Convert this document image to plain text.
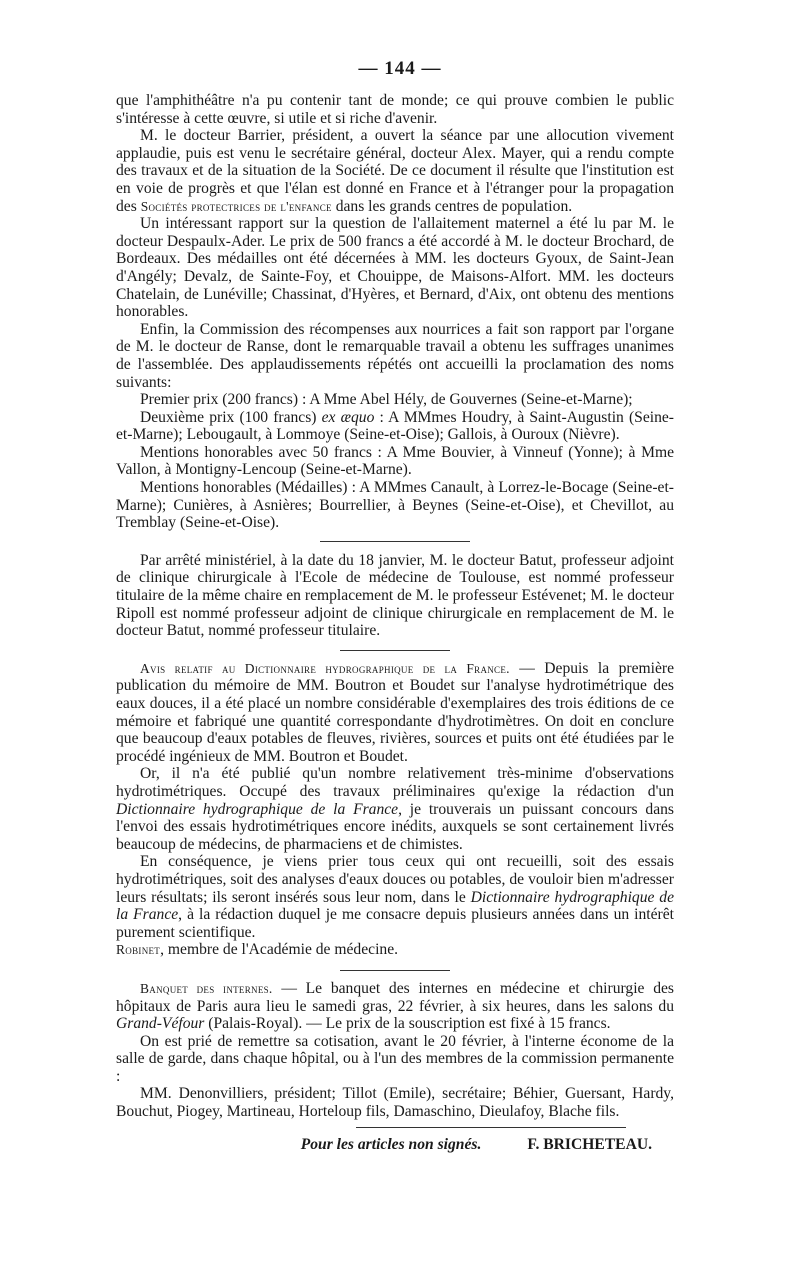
— 144 —

que l'amphithéâtre n'a pu contenir tant de monde; ce qui prouve combien le public s'intéresse à cette œuvre, si utile et si riche d'avenir.

M. le docteur Barrier, président, a ouvert la séance par une allocution vivement applaudie, puis est venu le secrétaire général, docteur Alex. Mayer, qui a rendu compte des travaux et de la situation de la Société. De ce document il résulte que l'institution est en voie de progrès et que l'élan est donné en France et à l'étranger pour la propagation des Sociétés protectrices de l'enfance dans les grands centres de population.

Un intéressant rapport sur la question de l'allaitement maternel a été lu par M. le docteur Despaulx-Ader. Le prix de 500 francs a été accordé à M. le docteur Brochard, de Bordeaux. Des médailles ont été décernées à MM. les docteurs Gyoux, de Saint-Jean d'Angély; Devalz, de Sainte-Foy, et Chouippe, de Maisons-Alfort. MM. les docteurs Chatelain, de Lunéville; Chassinat, d'Hyères, et Bernard, d'Aix, ont obtenu des mentions honorables.

Enfin, la Commission des récompenses aux nourrices a fait son rapport par l'organe de M. le docteur de Ranse, dont le remarquable travail a obtenu les suffrages unanimes de l'assemblée. Des applaudissements répétés ont accueilli la proclamation des noms suivants:

Premier prix (200 francs) : A Mme Abel Hély, de Gouvernes (Seine-et-Marne);

Deuxième prix (100 francs) ex æquo : A MMmes Houdry, à Saint-Augustin (Seine-et-Marne); Lebougault, à Lommoye (Seine-et-Oise); Gallois, à Ouroux (Nièvre).

Mentions honorables avec 50 francs : A Mme Bouvier, à Vinneuf (Yonne); à Mme Vallon, à Montigny-Lencoup (Seine-et-Marne).

Mentions honorables (Médailles) : A MMmes Canault, à Lorrez-le-Bocage (Seine-et-Marne); Cunières, à Asnières; Bourrellier, à Beynes (Seine-et-Oise), et Chevillot, au Tremblay (Seine-et-Oise).

Par arrêté ministériel, à la date du 18 janvier, M. le docteur Batut, professeur adjoint de clinique chirurgicale à l'Ecole de médecine de Toulouse, est nommé professeur titulaire de la même chaire en remplacement de M. le professeur Estévenet; M. le docteur Ripoll est nommé professeur adjoint de clinique chirurgicale en remplacement de M. le docteur Batut, nommé professeur titulaire.

Avis relatif au Dictionnaire hydrographique de la France. — Depuis la première publication du mémoire de MM. Boutron et Boudet sur l'analyse hydrotimétrique des eaux douces, il a été placé un nombre considérable d'exemplaires des trois éditions de ce mémoire et fabriqué une quantité correspondante d'hydrotimètres. On doit en conclure que beaucoup d'eaux potables de fleuves, rivières, sources et puits ont été étudiées par le procédé ingénieux de MM. Boutron et Boudet.

Or, il n'a été publié qu'un nombre relativement très-minime d'observations hydrotimétriques. Occupé des travaux préliminaires qu'exige la rédaction d'un Dictionnaire hydrographique de la France, je trouverais un puissant concours dans l'envoi des essais hydrotimétriques encore inédits, auxquels se sont certainement livrés beaucoup de médecins, de pharmaciens et de chimistes.

En conséquence, je viens prier tous ceux qui ont recueilli, soit des essais hydrotimétriques, soit des analyses d'eaux douces ou potables, de vouloir bien m'adresser leurs résultats; ils seront insérés sous leur nom, dans le Dictionnaire hydrographique de la France, à la rédaction duquel je me consacre depuis plusieurs années dans un intérêt purement scientifique.

Robinet, membre de l'Académie de médecine.

Banquet des internes. — Le banquet des internes en médecine et chirurgie des hôpitaux de Paris aura lieu le samedi gras, 22 février, à six heures, dans les salons du Grand-Véfour (Palais-Royal). — Le prix de la souscription est fixé à 15 francs.

On est prié de remettre sa cotisation, avant le 20 février, à l'interne économe de la salle de garde, dans chaque hôpital, ou à l'un des membres de la commission permanente :

MM. Denonvilliers, président; Tillot (Emile), secrétaire; Béhier, Guersant, Hardy, Bouchut, Piogey, Martineau, Horteloup fils, Damaschino, Dieulafoy, Blache fils.

Pour les articles non signés.	F. BRICHETEAU.
